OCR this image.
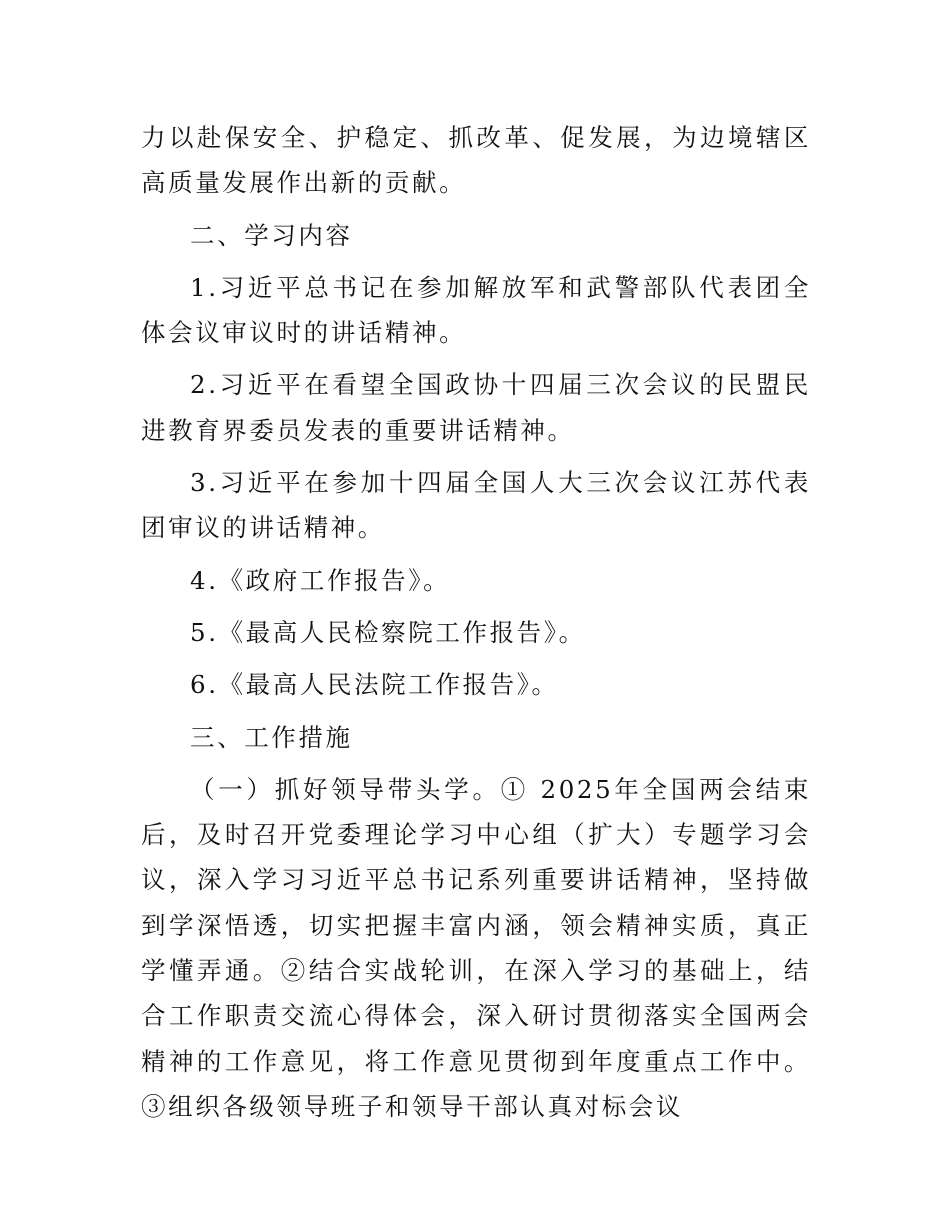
力以赴保安全、护稳定、抓改革、促发展，为边境辖区高质量发展作出新的贡献。

二、学习内容

1.习近平总书记在参加解放军和武警部队代表团全体会议审议时的讲话精神。

2.习近平在看望全国政协十四届三次会议的民盟民进教育界委员发表的重要讲话精神。

3.习近平在参加十四届全国人大三次会议江苏代表团审议的讲话精神。

4.《政府工作报告》。

5.《最高人民检察院工作报告》。

6.《最高人民法院工作报告》。

三、工作措施

（一）抓好领导带头学。① 2025年全国两会结束后，及时召开党委理论学习中心组（扩大）专题学习会议，深入学习习近平总书记系列重要讲话精神，坚持做到学深悟透，切实把握丰富内涵，领会精神实质，真正学懂弄通。②结合实战轮训，在深入学习的基础上，结合工作职责交流心得体会，深入研讨贯彻落实全国两会精神的工作意见，将工作意见贯彻到年度重点工作中。③组织各级领导班子和领导干部认真对标会议
